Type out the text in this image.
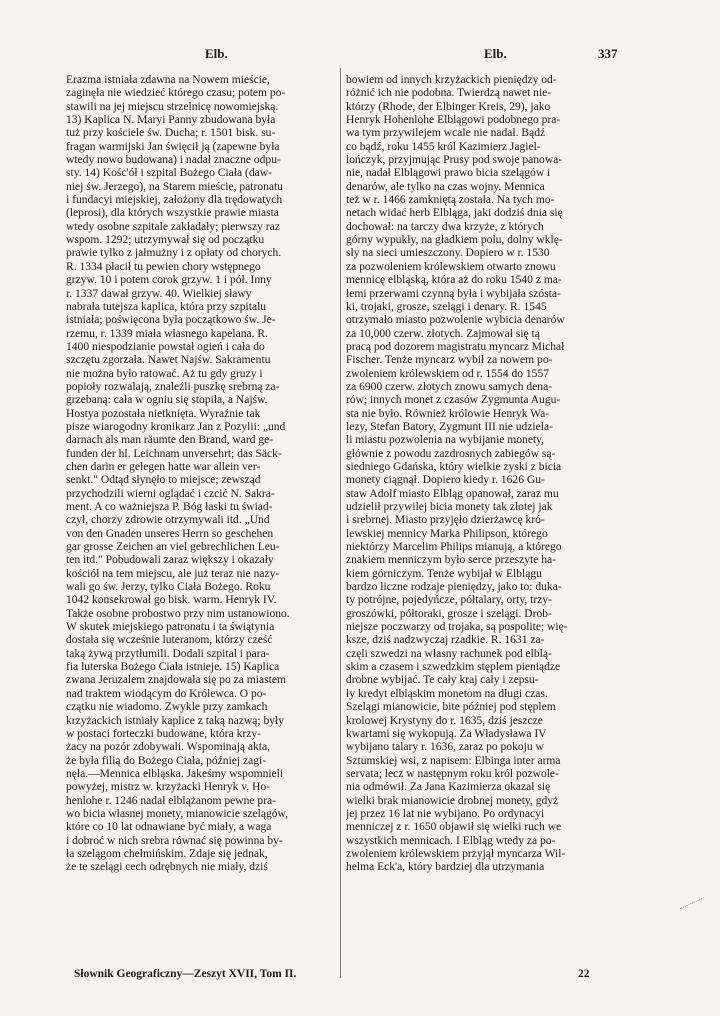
Elb.	Elb.	337
Erazma istniała zdawna na Nowem mieście,
zaginęła nie wiedzieć którego czasu; potem po-
stawili na jej miejscu strzelnicę nowomiejską.
13) Kaplica N. Maryi Panny zbudowana była
tuż przy kościele św. Ducha; r. 1501 bisk. su-
fragan warmijski Jan święcił ją (zapewne była
wtedy nowo budowana) i nadał znaczne odpu-
sty. 14) Kośc'ół i szpital Bożego Ciała (daw-
niej św. Jerzego), na Starem mieście, patronatu
i fundacyi miejskiej, założony dla trędowatych
(leprosi), dla których wszystkie prawie miasta
wtedy osobne szpitale zakładały; pierwszy raz
wspom. 1292; utrzymywał się od początku
prawie tylko z jałmużny i z opłaty od chorych.
R. 1334 płacił tu pewien chory wstępnego
grzyw. 10 i potem corok grzyw. 1 i pół. Inny
r. 1337 dawał grzyw. 40. Wielkiej sławy
nabrała tutejsza kaplica, która przy szpitalu
istniała; poświęcona była początkowo św. Je-
rzemu, r. 1339 miała własnego kapelana. R.
1400 niespodzianie powstał ogień i cała do
szczętu zgorzała. Nawet Najśw. Sakramentu
nie można było ratować. Aż tu gdy gruzy i
popioły rozwalają, znaleźli puszkę srebrną za-
grzebaną: cała w ogniu się stopiła, a Najśw.
Hostya pozostała nietknięta. Wyraźnie tak
pisze wiarogodny kronikarz Jan z Pozylii: „und
darnach als man räumte den Brand, ward ge-
funden der hl. Leichnam unversehrt; das Säck-
chen darin er gelegen hatte war allein ver-
senkt." Odtąd słynęło to miejsce; zewsząd
przychodzili wierni oglądać i czcić N. Sakra-
ment. A co ważniejsza P. Bóg łaski tu świad-
czył, chorzy zdrowie otrzymywali itd. „Und
von den Gnaden unseres Herrn so geschehen
gar grosse Zeichen an viel gebrechlichen Leu-
ten itd." Pobudowali zaraz większy i okazały
kościół na tem miejscu, ale już teraz nie nazy-
wali go św. Jerzy, tylko Ciała Bożego. Roku
1042 konsekrował go bisk. warm. Henryk IV.
Także osobne probostwo przy nim ustanowiono.
W skutek miejskiego patronatu i ta świątynia
dostała się wcześnie luteranom, którzy cześć
taką żywą przytłumili. Dodali szpital i para-
fia luterska Bożego Ciała istnieje. 15) Kaplica
zwana Jeruzalem znajdowała się po za miastem
nad traktem wiodącym do Królewca. O po-
czątku nie wiadomo. Zwykle przy zamkach
krzyżackich istniały kaplice z taką nazwą; były
w postaci forteczki budowane, która krzy-
żacy na pozór zdobywali. Wspominają akta,
że była filią do Bożego Ciała, później zagi-
nęła.—Mennica elbląska. Jakeśmy wspomnieli
powyżej, mistrz w. krzyżacki Henryk v. Ho-
henlohe r. 1246 nadał elblążanom pewne pra-
wo bicia własnej monety, mianowicie szelągów,
które co 10 lat odnawiane być miały, a waga
i dobroć w nich srebra równać się powinna by-
ła szelągom chełmińskim. Zdaje się jednak,
że te szelągi cech odrębnych nie miały, dziś
bowiem od innych krzyżackich pieniędzy od-
różnić ich nie podobna. Twierdzą nawet nie-
którzy (Rhode, der Elbinger Kreis, 29), jako
Henryk Hohenlohe Elblągowi podobnego pra-
wa tym przywilejem wcale nie nadał. Bądź
co bądź, roku 1455 król Kazimierz Jagiel-
lończyk, przyjmując Prusy pod swoje panowa-
nie, nadał Elblągowi prawo bicia szelągów i
denarów, ale tylko na czas wojny. Mennica
też w r. 1466 zamkniętą została. Na tych mo-
netach widać herb Elbląga, jaki dodziś dnia się
dochował: na tarczy dwa krzyże, z których
górny wypukły, na gładkiem polu, dolny wklę-
sły na sieci umieszczony. Dopiero w r. 1530
za pozwoleniem królewskiem otwarto znowu
mennicę elbląską, która aż do roku 1540 z ma-
łemi przerwami czynną była i wybijała szósta-
ki, trojaki, grosze, szelągi i denary. R. 1545
otrzymało miasto pozwolenie wybicia denarów
za 10,000 czerw. złotych. Zajmował się tą
pracą pod dozorem magistratu myncarz Michał
Fischer. Tenże myncarz wybił za nowem po-
zwoleniem królewskiem od r. 1554 do 1557
za 6900 czerw. złotych znowu samych dena-
rów; innych monet z czasów Zygmunta Augu-
sta nie było. Również królowie Henryk Wa-
lezy, Stefan Batory, Zygmunt III nie udziela-
li miastu pozwolenia na wybijanie monety,
głównie z powodu zazdrosnych zabiegów są-
siedniego Gdańska, który wielkie zyski z bicia
monety ciągnął. Dopiero kiedy r. 1626 Gu-
staw Adolf miasto Elbląg opanował, zaraz mu
udzielił przywilej bicia monety tak złotej jak
i srebrnej. Miasto przyjęło dzierżawcę kró-
lewskiej mennicy Marka Philipson, którego
niektórzy Marcelim Philips mianują, a którego
znakiem menniczym było serce przeszyte ha-
kiem górniczym. Tenże wybijał w Elblągu
bardzo liczne rodzaje pieniędzy, jako to: duka-
ty potrójne, pojedyńcze, półtalary, orty, trzy-
groszówki, półtoraki, grosze i szelągi. Drob-
niejsze poczwarzy od trojaka, są pospolite; wię-
ksze, dziś nadzwyczaj rzadkie. R. 1631 za-
częli szwedzi na własny rachunek pod elblą-
skim a czasem i szwedzkim stęplem pieniądze
drobne wybijać. Te cały kraj cały i zepsu-
ły kredyt elbląskim monetom na długi czas.
Szelągi mianowicie, bite później pod stęplem
krolowej Krystyny do r. 1635, dziś jeszcze
kwartami się wykopują. Za Władysława IV
wybijano talary r. 1636, zaraz po pokoju w
Sztumskiej wsi, z napisem: Elbinga inter arma
servata; lecz w następnym roku król pozwole-
nia odmówił. Za Jana Kazimierza okazał się
wielki brak mianowicie drobnej monety, gdyż
jej przez 16 lat nie wybijano. Po ordynacyi
menniczej z r. 1650 objawił się wielki ruch we
wszystkich mennicach. I Elbląg wtedy za po-
zwoleniem królewskiem przyjął myncarza Wil-
helma Eck'a, który bardziej dla utrzymania
Słownik Geograficzny—Zeszyt XVII, Tom II.	22
